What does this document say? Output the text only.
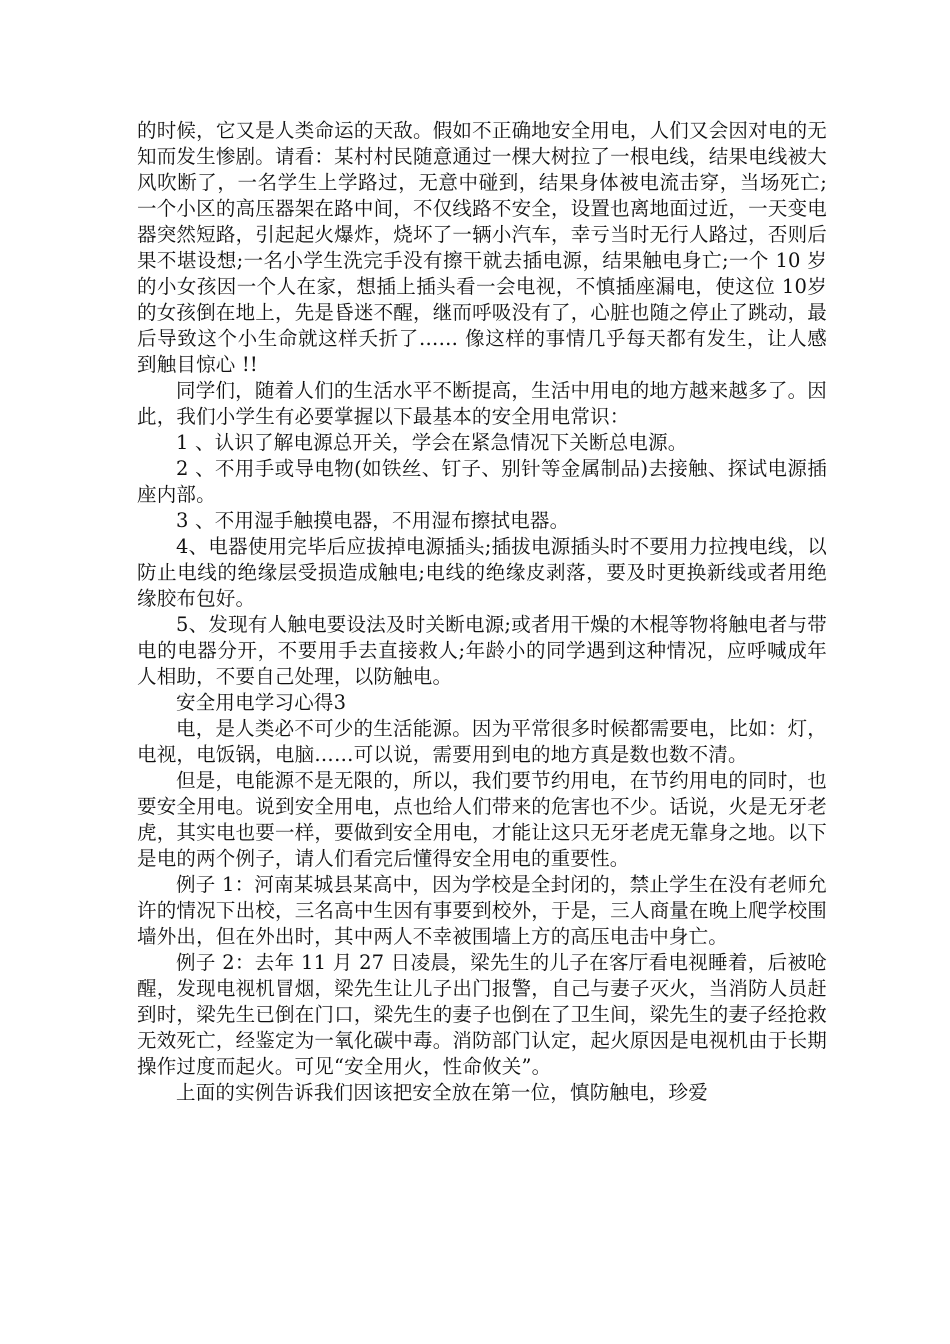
的时候，它又是人类命运的天敌。假如不正确地安全用电，人们又会因对电的无知而发生惨剧。请看：某村村民随意通过一棵大树拉了一根电线，结果电线被大风吹断了，一名学生上学路过，无意中碰到，结果身体被电流击穿，当场死亡;一个小区的高压器架在路中间，不仅线路不安全，设置也离地面过近，一天变电器突然短路，引起起火爆炸，烧坏了一辆小汽车，幸亏当时无行人路过，否则后果不堪设想;一名小学生洗完手没有擦干就去插电源，结果触电身亡;一个 10 岁的小女孩因一个人在家，想插上插头看一会电视，不慎插座漏电，使这位 10岁的女孩倒在地上，先是昏迷不醒，继而呼吸没有了，心脏也随之停止了跳动，最后导致这个小生命就这样夭折了…… 像这样的事情几乎每天都有发生，让人感到触目惊心 !!

同学们，随着人们的生活水平不断提高，生活中用电的地方越来越多了。因此，我们小学生有必要掌握以下最基本的安全用电常识：

1 、认识了解电源总开关，学会在紧急情况下关断总电源。

2 、不用手或导电物(如铁丝、钉子、别针等金属制品)去接触、探试电源插座内部。

3 、不用湿手触摸电器，不用湿布擦拭电器。

4、电器使用完毕后应拔掉电源插头;插拔电源插头时不要用力拉拽电线，以防止电线的绝缘层受损造成触电;电线的绝缘皮剥落，要及时更换新线或者用绝缘胶布包好。

5、发现有人触电要设法及时关断电源;或者用干燥的木棍等物将触电者与带电的电器分开，不要用手去直接救人;年龄小的同学遇到这种情况，应呼喊成年人相助，不要自己处理，以防触电。

安全用电学习心得3

电，是人类必不可少的生活能源。因为平常很多时候都需要电，比如：灯，电视，电饭锅，电脑……可以说，需要用到电的地方真是数也数不清。

但是，电能源不是无限的，所以，我们要节约用电，在节约用电的同时，也要安全用电。说到安全用电，点也给人们带来的危害也不少。话说，火是无牙老虎，其实电也要一样，要做到安全用电，才能让这只无牙老虎无靠身之地。以下是电的两个例子，请人们看完后懂得安全用电的重要性。

例子 1：河南某城县某高中，因为学校是全封闭的，禁止学生在没有老师允许的情况下出校，三名高中生因有事要到校外，于是，三人商量在晚上爬学校围墙外出，但在外出时，其中两人不幸被围墙上方的高压电击中身亡。

例子 2：去年 11 月 27 日凌晨，梁先生的儿子在客厅看电视睡着，后被呛醒，发现电视机冒烟，梁先生让儿子出门报警，自己与妻子灭火，当消防人员赶到时，梁先生已倒在门口，梁先生的妻子也倒在了卫生间，梁先生的妻子经抢救无效死亡，经鉴定为一氧化碳中毒。消防部门认定，起火原因是电视机由于长期操作过度而起火。可见“安全用火，性命攸关”。

上面的实例告诉我们因该把安全放在第一位，慎防触电，珍爱
